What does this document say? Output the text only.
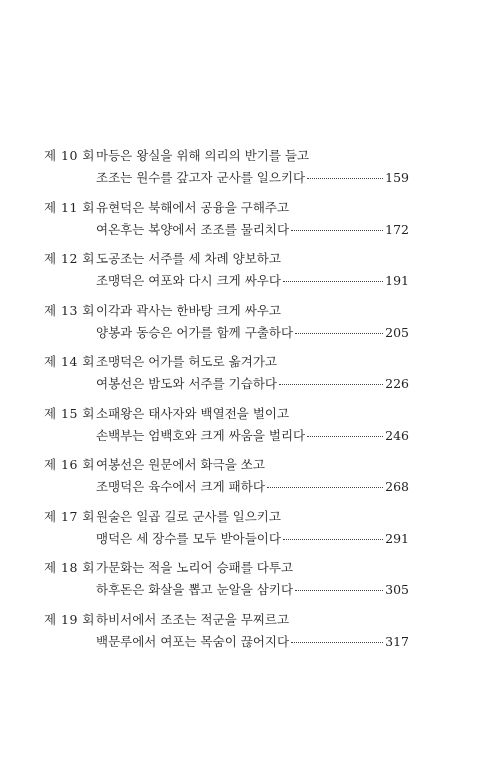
제 10 회 마등은 왕실을 위해 의리의 반기를 들고
조조는 원수를 갚고자 군사를 일으키다	159
제 11 회 유현덕은 북해에서 공융을 구해주고
여온후는 복양에서 조조를 물리치다	172
제 12 회 도공조는 서주를 세 차례 양보하고
조맹덕은 여포와 다시 크게 싸우다	191
제 13 회 이각과 곽사는 한바탕 크게 싸우고
양봉과 동승은 어가를 함께 구출하다	205
제 14 회 조맹덕은 어가를 허도로 옮겨가고
여봉선은 밤도와 서주를 기습하다	226
제 15 회 소패왕은 태사자와 백열전을 벌이고
손백부는 엄백호와 크게 싸움을 벌리다	246
제 16 회 여봉선은 원문에서 화극을 쏘고
조맹덕은 육수에서 크게 패하다	268
제 17 회 원술은 일곱 길로 군사를 일으키고
맹덕은 세 장수를 모두 받아들이다	291
제 18 회 가문화는 적을 노리어 승패를 다투고
하후돈은 화살을 뽑고 눈알을 삼키다	305
제 19 회 하비서에서 조조는 적군을 무찌르고
백문루에서 여포는 목숨이 끊어지다	317
